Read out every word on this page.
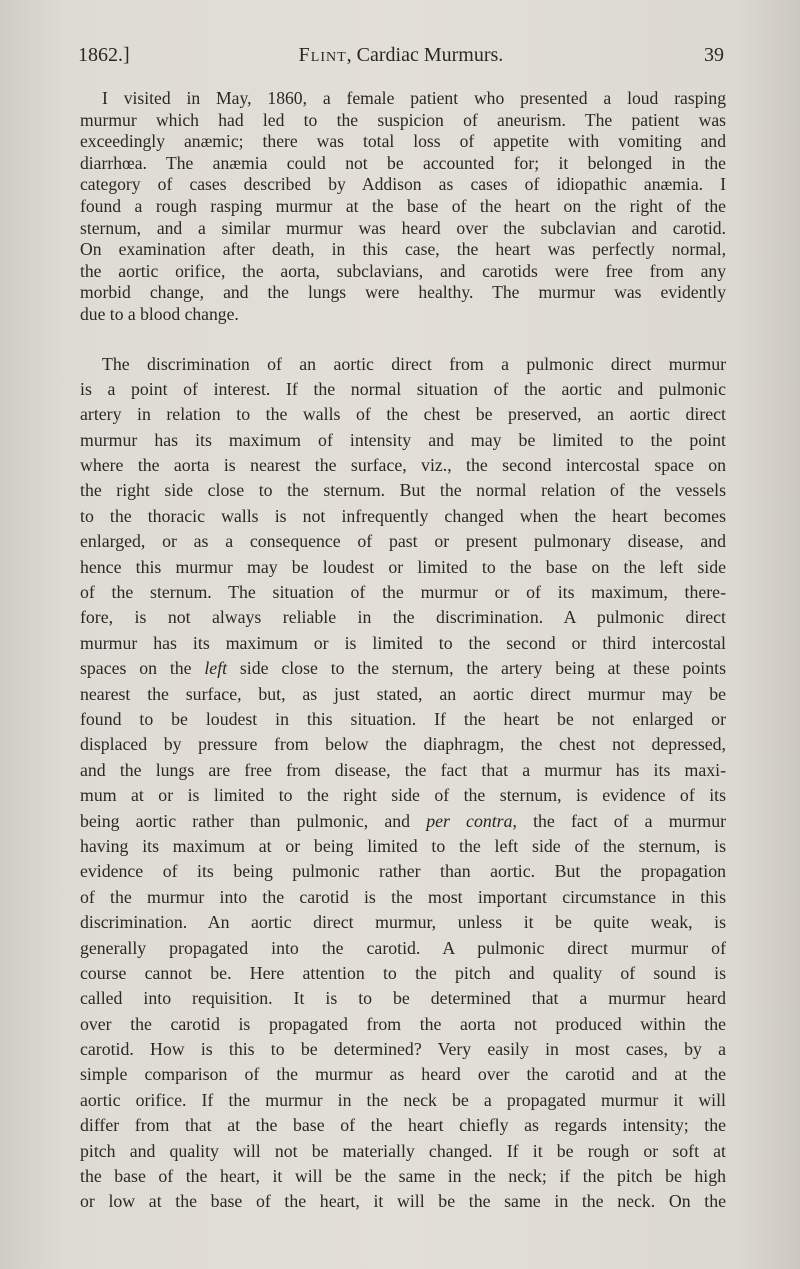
1862.]	Flint, Cardiac Murmurs.	39
I visited in May, 1860, a female patient who presented a loud rasping
murmur which had led to the suspicion of aneurism. The patient was
exceedingly anæmic; there was total loss of appetite with vomiting and
diarrhœa. The anæmia could not be accounted for; it belonged in the
category of cases described by Addison as cases of idiopathic anæmia. I
found a rough rasping murmur at the base of the heart on the right of the
sternum, and a similar murmur was heard over the subclavian and carotid.
On examination after death, in this case, the heart was perfectly normal,
the aortic orifice, the aorta, subclavians, and carotids were free from any
morbid change, and the lungs were healthy. The murmur was evidently
due to a blood change.
The discrimination of an aortic direct from a pulmonic direct murmur
is a point of interest. If the normal situation of the aortic and pulmonic
artery in relation to the walls of the chest be preserved, an aortic direct
murmur has its maximum of intensity and may be limited to the point
where the aorta is nearest the surface, viz., the second intercostal space on
the right side close to the sternum. But the normal relation of the vessels
to the thoracic walls is not infrequently changed when the heart becomes
enlarged, or as a consequence of past or present pulmonary disease, and
hence this murmur may be loudest or limited to the base on the left side
of the sternum. The situation of the murmur or of its maximum, there-
fore, is not always reliable in the discrimination. A pulmonic direct
murmur has its maximum or is limited to the second or third intercostal
spaces on the left side close to the sternum, the artery being at these points
nearest the surface, but, as just stated, an aortic direct murmur may be
found to be loudest in this situation. If the heart be not enlarged or
displaced by pressure from below the diaphragm, the chest not depressed,
and the lungs are free from disease, the fact that a murmur has its maxi-
mum at or is limited to the right side of the sternum, is evidence of its
being aortic rather than pulmonic, and per contra, the fact of a murmur
having its maximum at or being limited to the left side of the sternum, is
evidence of its being pulmonic rather than aortic. But the propagation
of the murmur into the carotid is the most important circumstance in this
discrimination. An aortic direct murmur, unless it be quite weak, is
generally propagated into the carotid. A pulmonic direct murmur of
course cannot be. Here attention to the pitch and quality of sound is
called into requisition. It is to be determined that a murmur heard
over the carotid is propagated from the aorta not produced within the
carotid. How is this to be determined? Very easily in most cases, by a
simple comparison of the murmur as heard over the carotid and at the
aortic orifice. If the murmur in the neck be a propagated murmur it will
differ from that at the base of the heart chiefly as regards intensity; the
pitch and quality will not be materially changed. If it be rough or soft at
the base of the heart, it will be the same in the neck; if the pitch be high
or low at the base of the heart, it will be the same in the neck. On the
